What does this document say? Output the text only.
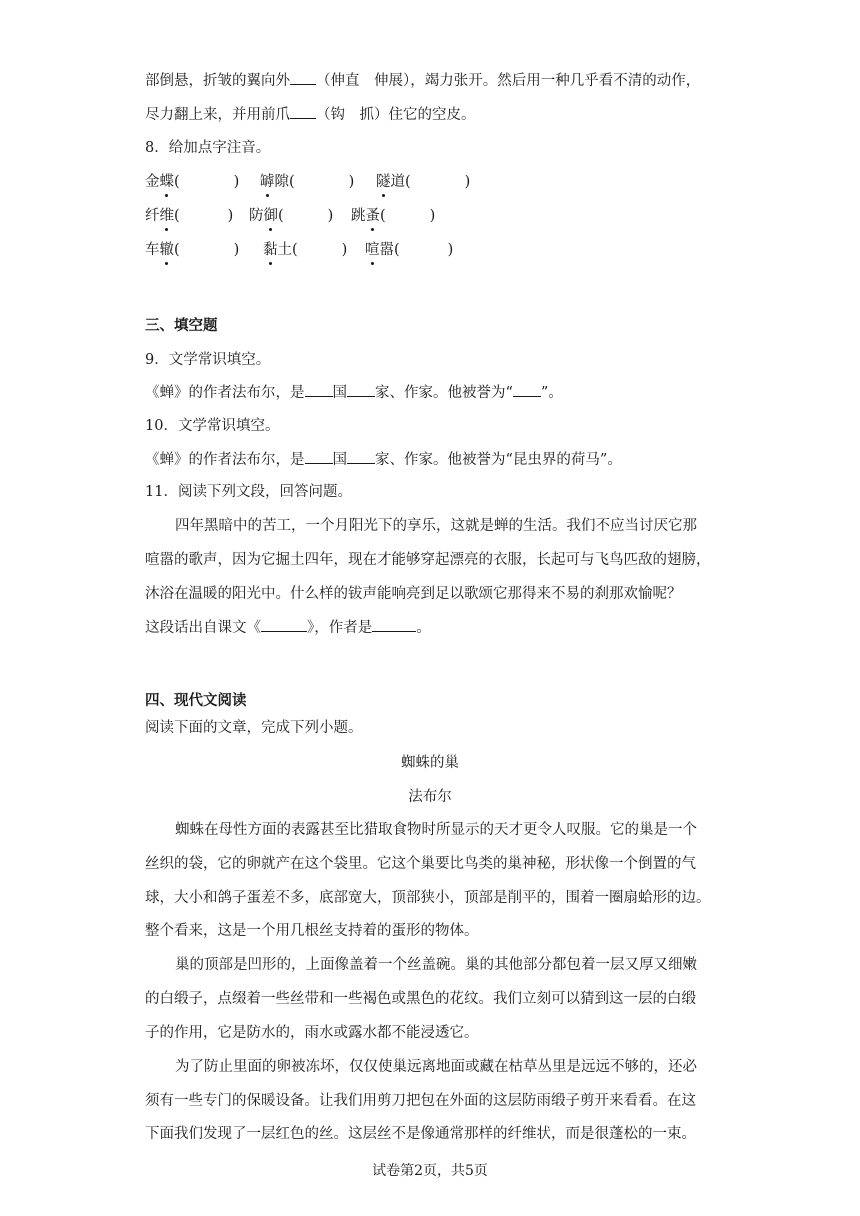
部倒悬，折皱的翼向外 （伸直　伸展），竭力张开。然后用一种几乎看不清的动作，
尽力翻上来，并用前爪 （钩　抓）住它的空皮。
8．给加点字注音。
金蝶(	) 罅隙(	) 隧道(	)
纤维(	) 防御(	) 跳蚤(	)
车辙(	) 黏土(	) 喧嚣(	)
三、填空题
9．文学常识填空。
《蝉》的作者法布尔，是 国 家、作家。他被誉为“ ”。
10．文学常识填空。
《蝉》的作者法布尔，是 国 家、作家。他被誉为“昆虫界的荷马”。
11．阅读下列文段，回答问题。
四年黑暗中的苦工，一个月阳光下的享乐，这就是蝉的生活。我们不应当讨厌它那
喧嚣的歌声，因为它掘土四年，现在才能够穿起漂亮的衣服，长起可与飞鸟匹敌的翅膀，
沐浴在温暖的阳光中。什么样的钹声能响亮到足以歌颂它那得来不易的刹那欢愉呢？
这段话出自课文《	》，作者是	。
四、现代文阅读
阅读下面的文章，完成下列小题。
蜘蛛的巢
法布尔
蜘蛛在母性方面的表露甚至比猎取食物时所显示的天才更令人叹服。它的巢是一个
丝织的袋，它的卵就产在这个袋里。它这个巢要比鸟类的巢神秘，形状像一个倒置的气
球，大小和鸽子蛋差不多，底部宽大，顶部狭小，顶部是削平的，围着一圈扇蛤形的边。
整个看来，这是一个用几根丝支持着的蛋形的物体。
巢的顶部是凹形的，上面像盖着一个丝盖碗。巢的其他部分都包着一层又厚又细嫩
的白缎子，点缀着一些丝带和一些褐色或黑色的花纹。我们立刻可以猜到这一层的白缎
子的作用，它是防水的，雨水或露水都不能浸透它。
为了防止里面的卵被冻坏，仅仅使巢远离地面或藏在枯草丛里是远远不够的，还必
须有一些专门的保暖设备。让我们用剪刀把包在外面的这层防雨缎子剪开来看看。在这
下面我们发现了一层红色的丝。这层丝不是像通常那样的纤维状，而是很蓬松的一束。
试卷第2页，共5页
